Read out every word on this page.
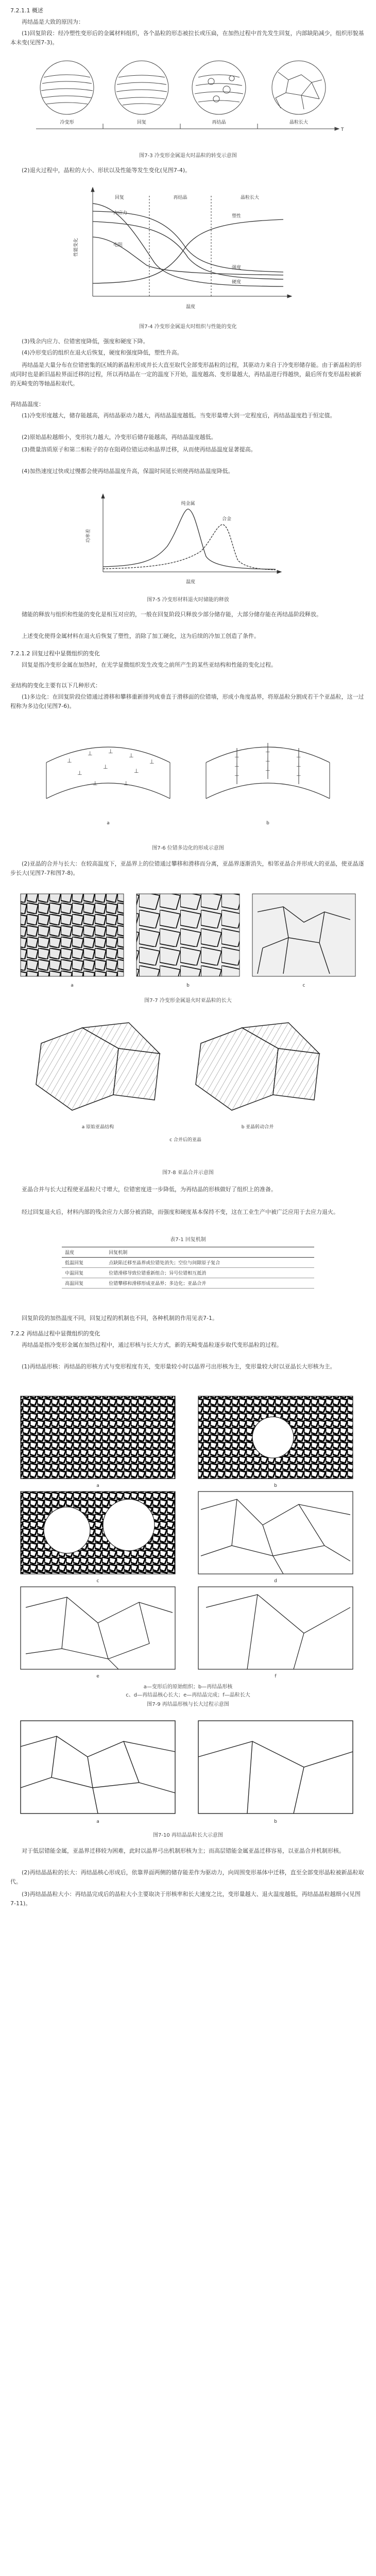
7.2.1.1 概述

再结晶是大致的原因为：

(1)回复阶段：经冷塑性变形后的金属材料组织，各个晶粒的形态被拉长或压扁，在加热过程中首先发生回复，内部缺陷减少，组织形貌基本未变(见图7-3)。

冷变形	回复	再结晶	晶粒长大
T
图7-3 冷变形金属退火时晶粒的转变示意图

(2)退火过程中，晶粒的大小、形状以及性能等发生变化(见图7-4)。

回复	再结晶	晶粒长大
强度
硬度
塑性
内应力
电阻
温度
性能变化
图7-4 冷变形金属退火时组织与性能的变化

(3)残余内应力、位错密度降低，强度和硬度下降。

(4)冷形变后的组织在退火后恢复，硬度和强度降低，塑性升高。

再结晶是大量分布在位错密集的区域的新晶粒形成并长大直至取代全部变形晶粒的过程，其驱动力来自于冷变形储存能。由于新晶粒的形成同时也是新旧晶粒界面迁移的过程，所以再结晶在一定的温度下开始，温度越高、变形量越大，再结晶进行得越快，最后所有变形晶粒被新的无畸变的等轴晶粒取代。

再结晶温度：

(1)冷变形度越大，储存能越高，再结晶驱动力越大，再结晶温度越低。当变形量增大到一定程度后，再结晶温度趋于恒定值。

(2)原始晶粒越细小，变形抗力越大，冷变形后储存能越高，再结晶温度越低。

(3)微量溶质原子和第二相粒子的存在阻碍位错运动和晶界迁移，从而使再结晶温度显著提高。

(4)加热速度过快或过慢都会使再结晶温度升高，保温时间延长则使再结晶温度降低。

纯金属
合金
温度
功率差
图7-5 冷变形材料退火时储能的释放

储能的释放与组织和性能的变化是相互对应的，一般在回复阶段只释放少部分储存能，大部分储存能在再结晶阶段释放。

上述变化使得金属材料在退火后恢复了塑性，消除了加工硬化，这为后续的冷加工创造了条件。

7.2.1.2 回复过程中显微组织的变化

回复是指冷变形金属在加热时，在光学显微组织发生改变之前所产生的某些亚结构和性能的变化过程。

亚结构的变化主要有以下几种形式：

(1)多边化：在回复阶段位错通过滑移和攀移重新排列成垂直于滑移面的位错墙，形成小角度晶界，将原晶粒分割成若干个亚晶粒，这一过程称为多边化(见图7-6)。

⊥
⊥	⊥
⊥
⊥
⊥
⊥
⊥
⊥	⊥
⊥
⊥
⊥
⊥
⊥
⊥
⊥
⊥
⊥
a	b
图7-6 位错多边化的形成示意图

(2)亚晶的合并与长大：在较高温度下，亚晶界上的位错通过攀移和滑移而分离，亚晶界逐渐消失，相邻亚晶合并形成大的亚晶，使亚晶逐步长大(见图7-7和图7-8)。

a	b	c
图7-7 冷变形金属退火时亚晶粒的长大
a 原始亚晶结构	b 亚晶转动合并
c 合并后的亚晶
图7-8 亚晶合并示意图

亚晶合并与长大过程使亚晶粒尺寸增大，位错密度进一步降低，为再结晶的形核做好了组织上的准备。

经过回复退火后，材料内部的残余应力大部分被消除，而强度和硬度基本保持不变，这在工业生产中被广泛应用于去应力退火。

表7-1 回复机制
温度	回复机制
低温回复	点缺陷迁移至晶界或位错处消失；空位与间隙原子复合
中温回复	位错滑移导致位错重新组合；异号位错相互抵消
高温回复	位错攀移和滑移形成亚晶界；多边化；亚晶合并

回复阶段的加热温度不同，回复过程的机制也不同，各种机制的作用见表7-1。

7.2.2 再结晶过程中显微组织的变化

再结晶是指冷变形金属在加热过程中，通过形核与长大方式，新的无畸变晶粒逐步取代变形晶粒的过程。

(1)再结晶形核：再结晶的形核方式与变形程度有关，变形量较小时以晶界弓出形核为主，变形量较大时以亚晶长大形核为主。

a	b
c	d
e	f
a—变形后的原始组织；b—再结晶形核
c、d—再结晶核心长大；e—再结晶完成；f—晶粒长大
图7-9 再结晶形核与长大过程示意图
a	b
图7-10 再结晶晶粒长大示意图

对于低层错能金属，亚晶界迁移较为困难，此时以晶界弓出机制形核为主；而高层错能金属亚晶迁移容易，以亚晶合并机制形核。

(2)再结晶晶粒的长大：再结晶核心形成后，依靠界面两侧的储存能差作为驱动力，向周围变形基体中迁移，直至全部变形晶粒被新晶粒取代。

(3)再结晶晶粒大小：再结晶完成后的晶粒大小主要取决于形核率和长大速度之比，变形量越大、退火温度越低，再结晶晶粒越细小(见图7-11)。
